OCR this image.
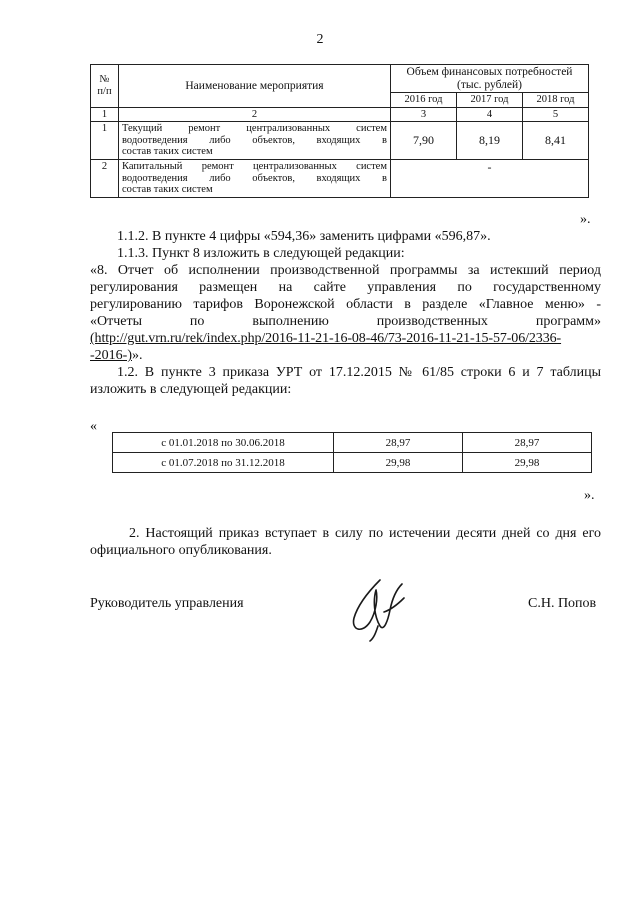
2
№ п/п	Наименование мероприятия	Объем финансовых потребностей (тыс. рублей)		
		2016 год	2017 год	2018 год
1	2	3	4	5
1	Текущий ремонт централизованных систем
водоотведения либо объектов, входящих в
состав таких систем	7,90	8,19	8,41
2	Капитальный ремонт централизованных систем
водоотведения либо объектов, входящих в
состав таких систем	-		
».
1.1.2. В пункте 4 цифры «594,36» заменить цифрами «596,87».
1.1.3. Пункт 8 изложить в следующей редакции:
«8. Отчет об исполнении производственной программы за истекший период
регулирования размещен на сайте управления по государственному
регулированию тарифов Воронежской области в разделе «Главное меню» -
«Отчеты по выполнению производственных программ»
(http://gut.vrn.ru/rek/index.php/2016-11-21-16-08-46/73-2016-11-21-15-57-06/2336-
-2016-)».
1.2. В пункте 3 приказа УРТ от 17.12.2015 № 61/85 строки 6 и 7 таблицы
изложить в следующей редакции:
«
с 01.01.2018 по 30.06.2018	28,97	28,97
с 01.07.2018 по 31.12.2018	29,98	29,98
».
2. Настоящий приказ вступает в силу по истечении десяти дней со дня его
официального опубликования.
Руководитель управления	С.Н. Попов
